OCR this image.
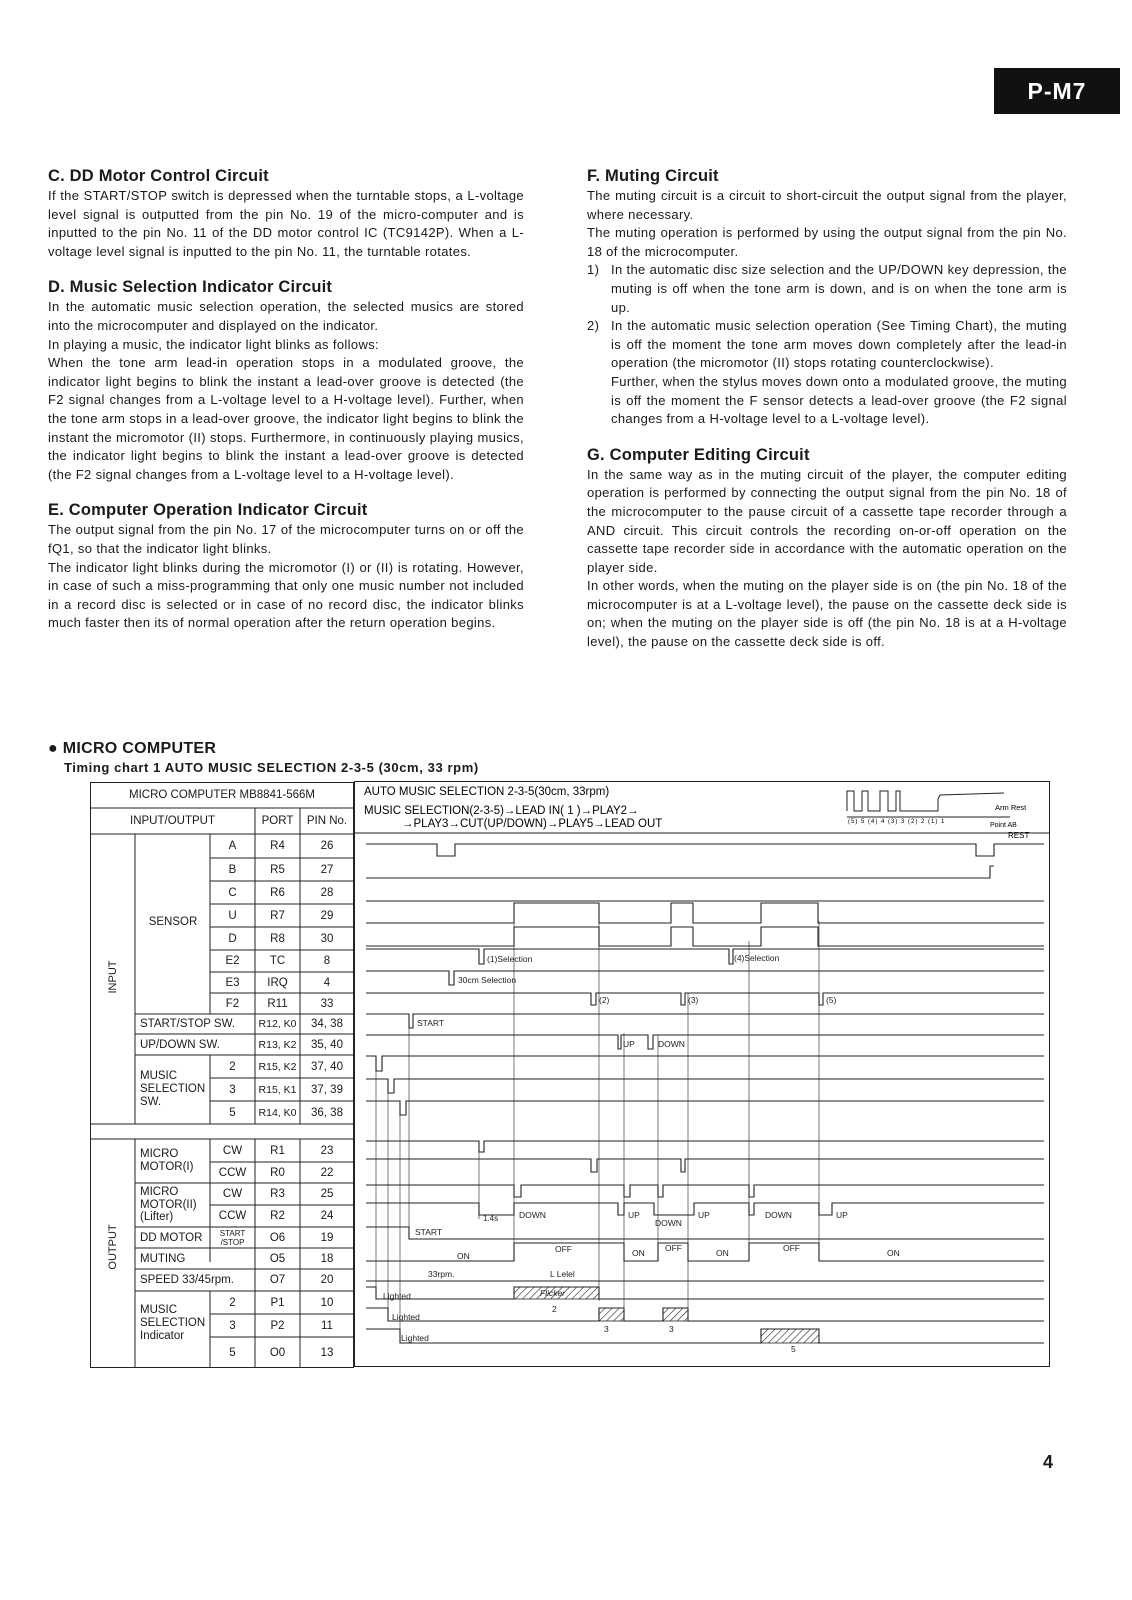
P-M7
C. DD Motor Control Circuit

If the START/STOP switch is depressed when the turntable stops, a L-voltage level signal is outputted from the pin No. 19 of the micro-computer and is inputted to the pin No. 11 of the DD motor control IC (TC9142P). When a L-voltage level signal is inputted to the pin No. 11, the turntable rotates.

D. Music Selection Indicator Circuit

In the automatic music selection operation, the selected musics are stored into the microcomputer and displayed on the indicator.

In playing a music, the indicator light blinks as follows:

When the tone arm lead-in operation stops in a modulated groove, the indicator light begins to blink the instant a lead-over groove is detected (the F2 signal changes from a L-voltage level to a H-voltage level). Further, when the tone arm stops in a lead-over groove, the indicator light begins to blink the instant the micromotor (II) stops. Furthermore, in continuously playing musics, the indicator light begins to blink the instant a lead-over groove is detected (the F2 signal changes from a L-voltage level to a H-voltage level).

E. Computer Operation Indicator Circuit

The output signal from the pin No. 17 of the microcomputer turns on or off the fQ1, so that the indicator light blinks.

The indicator light blinks during the micromotor (I) or (II) is rotating. However, in case of such a miss-programming that only one music number not included in a record disc is selected or in case of no record disc, the indicator blinks much faster then its of normal operation after the return operation begins.

F. Muting Circuit

The muting circuit is a circuit to short-circuit the output signal from the player, where necessary.

The muting operation is performed by using the output signal from the pin No. 18 of the microcomputer.

1) In the automatic disc size selection and the UP/DOWN key depression, the muting is off when the tone arm is down, and is on when the tone arm is up.
2) In the automatic music selection operation (See Timing Chart), the muting is off the moment the tone arm moves down completely after the lead-in operation (the micromotor (II) stops rotating counterclockwise).

Further, when the stylus moves down onto a modulated groove, the muting is off the moment the F sensor detects a lead-over groove (the F2 signal changes from a H-voltage level to a L-voltage level).

G. Computer Editing Circuit

In the same way as in the muting circuit of the player, the computer editing operation is performed by connecting the output signal from the pin No. 18 of the microcomputer to the pause circuit of a cassette tape recorder through a AND circuit. This circuit controls the recording on-or-off operation on the cassette tape recorder side in accordance with the automatic operation on the player side.

In other words, when the muting on the player side is on (the pin No. 18 of the microcomputer is at a L-voltage level), the pause on the cassette deck side is on; when the muting on the player side is off (the pin No. 18 is at a H-voltage level), the pause on the cassette deck side is off.

● MICRO COMPUTER
Timing chart 1 AUTO MUSIC SELECTION 2-3-5 (30cm, 33 rpm)
MICRO COMPUTER MB8841-566M
INPUT/OUTPUT	PORT	PIN No.
INPUT
SENSOR
A	R4	26
B	R5	27
C	R6	28
U	R7	29
D	R8	30
E2	TC	8
E3	IRQ	4
F2	R11	33
START/STOP SW.	R12, K0	34, 38
UP/DOWN SW.	R13, K2	35, 40
MUSIC SELECTION SW.
2	R15, K2	37, 40
3	R15, K1	37, 39
5	R14, K0	36, 38
OUTPUT
MICRO MOTOR(I)
MICRO MOTOR(II) (Lifter)
CW	R1	23
CCW	R0	22
CW	R3	25
CCW	R2	24
DD MOTOR	START /STOP	O6	19
MUTING	O5	18
SPEED 33/45rpm.	O7	20
MUSIC SELECTION Indicator
2	P1	10
3	P2	11
5	O0	13
AUTO MUSIC SELECTION 2-3-5(30cm, 33rpm)
MUSIC SELECTION(2-3-5)→LEAD IN( 1 )→PLAY2→
→PLAY3→CUT(UP/DOWN)→PLAY5→LEAD OUT
Arm Rest
Point AB
(5) 5 (4) 4 (3) 3 (2) 2 (1) 1
REST
(1)Selection	(4)Selection
30cm Selection
(2)	(3)	(5)
START
UP	DOWN
1.4s DOWN	UP
DOWN
UP	DOWN	UP
START
ON
OFF	ON OFF	ON	OFF	ON
33rpm.	L Lelel
Lighted
Lighted
Lighted
Flicker
2
3	3
5
4
